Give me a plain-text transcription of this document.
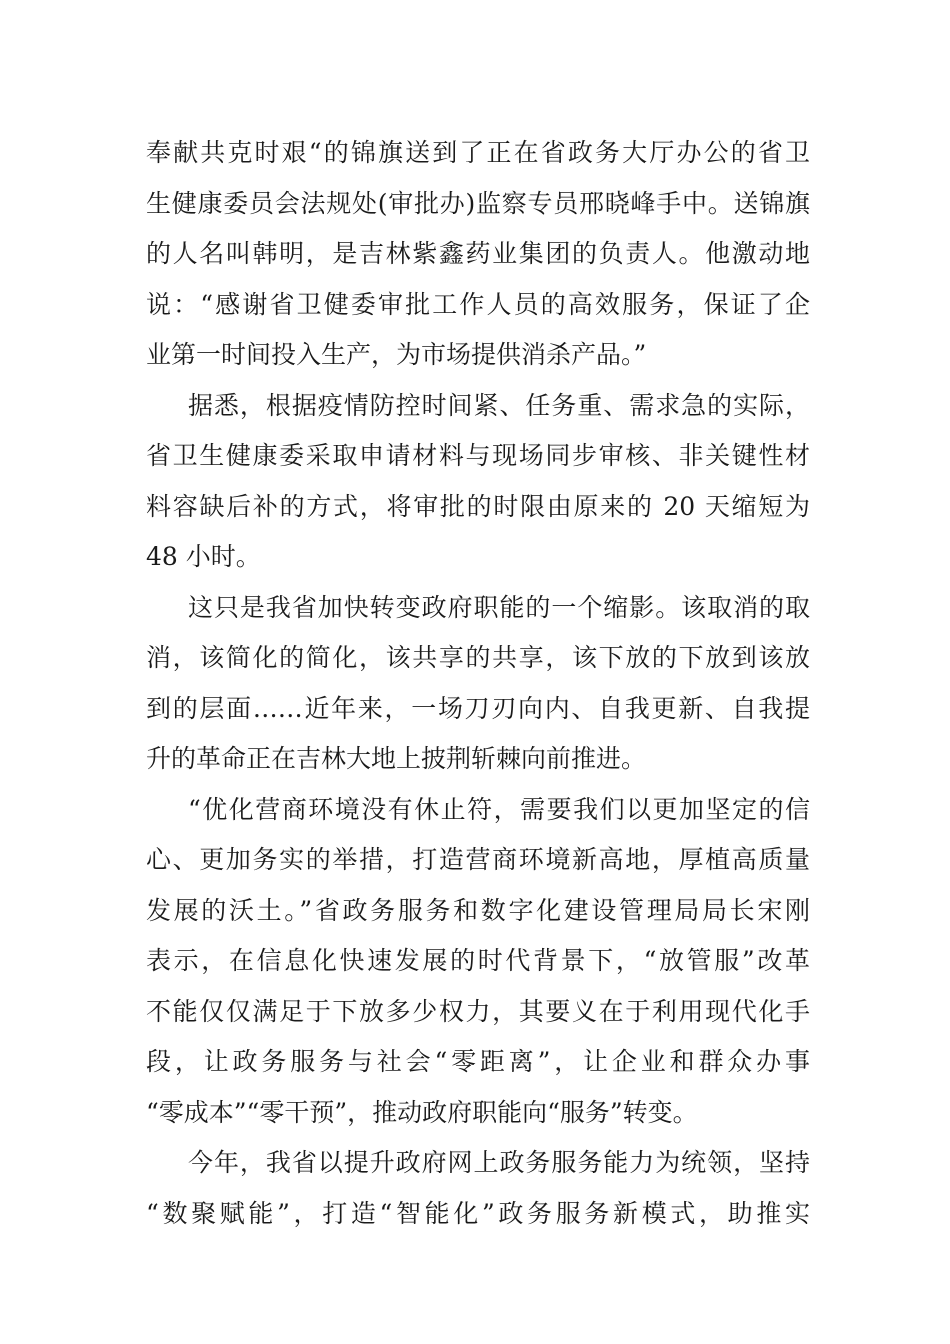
奉献共克时艰“的锦旗送到了正在省政务大厅办公的省卫
生健康委员会法规处(审批办)监察专员邢晓峰手中。送锦旗
的人名叫韩明，是吉林紫鑫药业集团的负责人。他激动地
说：“感谢省卫健委审批工作人员的高效服务，保证了企
业第一时间投入生产，为市场提供消杀产品。”
据悉，根据疫情防控时间紧、任务重、需求急的实际，
省卫生健康委采取申请材料与现场同步审核、非关键性材
料容缺后补的方式，将审批的时限由原来的 20 天缩短为
48 小时。
这只是我省加快转变政府职能的一个缩影。该取消的取
消，该简化的简化，该共享的共享，该下放的下放到该放
到的层面……近年来，一场刀刃向内、自我更新、自我提
升的革命正在吉林大地上披荆斩棘向前推进。
“优化营商环境没有休止符，需要我们以更加坚定的信
心、更加务实的举措，打造营商环境新高地，厚植高质量
发展的沃土。”省政务服务和数字化建设管理局局长宋刚
表示，在信息化快速发展的时代背景下，“放管服”改革
不能仅仅满足于下放多少权力，其要义在于利用现代化手
段，让政务服务与社会“零距离”，让企业和群众办事
“零成本”“零干预”，推动政府职能向“服务”转变。
今年，我省以提升政府网上政务服务能力为统领，坚持
“数聚赋能”，打造“智能化”政务服务新模式，助推实
